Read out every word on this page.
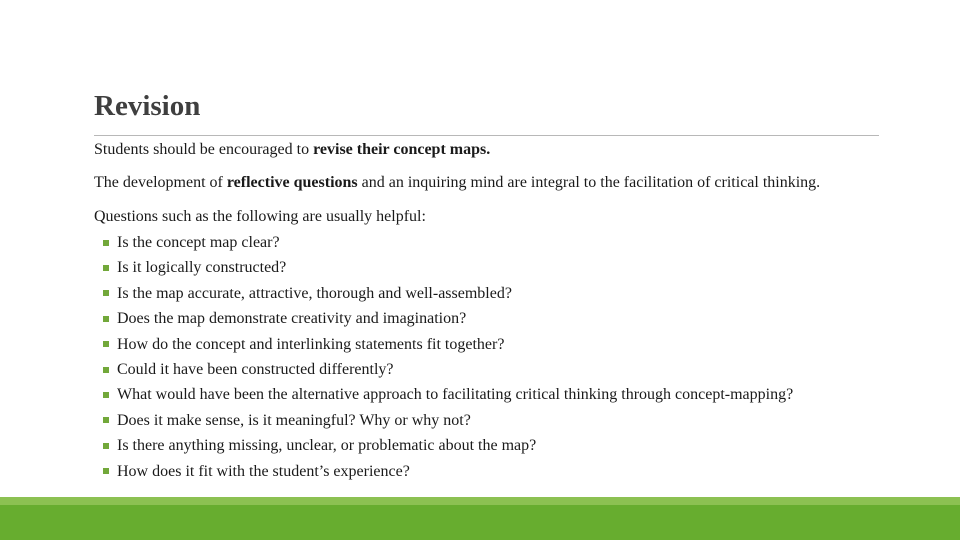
Revision
Students should be encouraged to revise their concept maps.
The development of reflective questions and an inquiring mind are integral to the facilitation of critical thinking.
Questions such as the following are usually helpful:
Is the concept map clear?
Is it logically constructed?
Is the map accurate, attractive, thorough and well-assembled?
Does the map demonstrate creativity and imagination?
How do the concept and interlinking statements fit together?
Could it have been constructed differently?
What would have been the alternative approach to facilitating critical thinking through concept-mapping?
Does it make sense, is it meaningful? Why or why not?
Is there anything missing, unclear, or problematic about the map?
How does it fit with the student’s experience?
